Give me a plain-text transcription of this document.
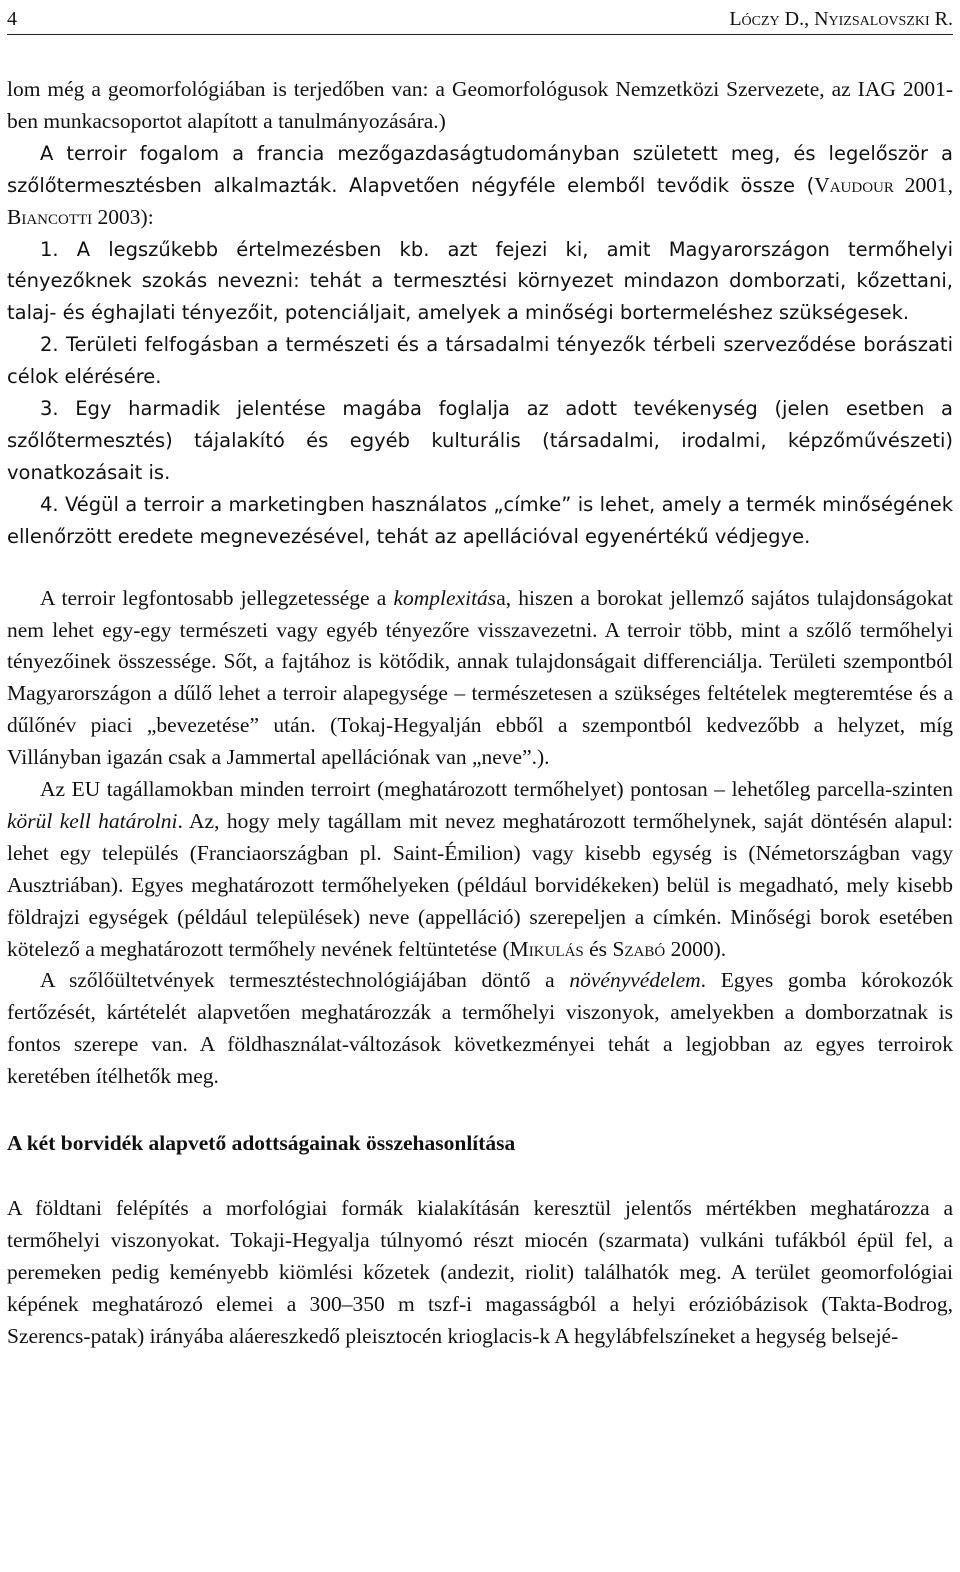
4	Lóczy D., Nyizsalovszki R.

lom még a geomorfológiában is terjedőben van: a Geomorfológusok Nemzetközi Szervezete, az IAG 2001-ben munkacsoportot alapított a tanulmányozására.)

A terroir fogalom a francia mezőgazdaságtudományban született meg, és legelőször a szőlőtermesztésben alkalmazták. Alapvetően négyféle elemből tevődik össze (Vaudour 2001, Biancotti 2003):

1. A legszűkebb értelmezésben kb. azt fejezi ki, amit Magyarországon termőhelyi tényezőknek szokás nevezni: tehát a termesztési környezet mindazon domborzati, kőzettani, talaj- és éghajlati tényezőit, potenciáljait, amelyek a minőségi bortermeléshez szükségesek.

2. Területi felfogásban a természeti és a társadalmi tényezők térbeli szerveződése borászati célok elérésére.

3. Egy harmadik jelentése magába foglalja az adott tevékenység (jelen esetben a szőlőtermesztés) tájalakító és egyéb kulturális (társadalmi, irodalmi, képzőművészeti) vonatkozásait is.

4. Végül a terroir a marketingben használatos „címke” is lehet, amely a termék minőségének ellenőrzött eredete megnevezésével, tehát az apellációval egyenértékű védjegye.

A terroir legfontosabb jellegzetessége a komplexitása, hiszen a borokat jellemző sajátos tulajdonságokat nem lehet egy-egy természeti vagy egyéb tényezőre visszavezetni. A terroir több, mint a szőlő termőhelyi tényezőinek összessége. Sőt, a fajtához is kötődik, annak tulajdonságait differenciálja. Területi szempontból Magyarországon a dűlő lehet a terroir alapegysége – természetesen a szükséges feltételek megteremtése és a dűlőnév piaci „bevezetése” után. (Tokaj-Hegyalján ebből a szempontból kedvezőbb a helyzet, míg Villányban igazán csak a Jammertal apellációnak van „neve”.).

Az EU tagállamokban minden terroirt (meghatározott termőhelyet) pontosan – lehetőleg parcella-szinten körül kell határolni. Az, hogy mely tagállam mit nevez meghatározott termőhelynek, saját döntésén alapul: lehet egy település (Franciaországban pl. Saint-Émilion) vagy kisebb egység is (Németországban vagy Ausztriában). Egyes meghatározott termőhelyeken (például borvidékeken) belül is megadható, mely kisebb földrajzi egységek (például települések) neve (appelláció) szerepeljen a címkén. Minőségi borok esetében kötelező a meghatározott termőhely nevének feltüntetése (Mikulás és Szabó 2000).

A szőlőültetvények termesztéstechnológiájában döntő a növényvédelem. Egyes gomba kórokozók fertőzését, kártételét alapvetően meghatározzák a termőhelyi viszonyok, amelyekben a domborzatnak is fontos szerepe van. A földhasználat-változások következményei tehát a legjobban az egyes terroirok keretében ítélhetők meg.

A két borvidék alapvető adottságainak összehasonlítása

A földtani felépítés a morfológiai formák kialakításán keresztül jelentős mértékben meghatározza a termőhelyi viszonyokat. Tokaji-Hegyalja túlnyomó részt miocén (szarmata) vulkáni tufákból épül fel, a peremeken pedig keményebb kiömlési kőzetek (andezit, riolit) találhatók meg. A terület geomorfológiai képének meghatározó elemei a 300–350 m tszf-i magasságból a helyi erózióbázisok (Takta-Bodrog, Szerencs-patak) irányába aláereszkedő pleisztocén krioglacis-k A hegylábfelszíneket a hegység belsejé-
